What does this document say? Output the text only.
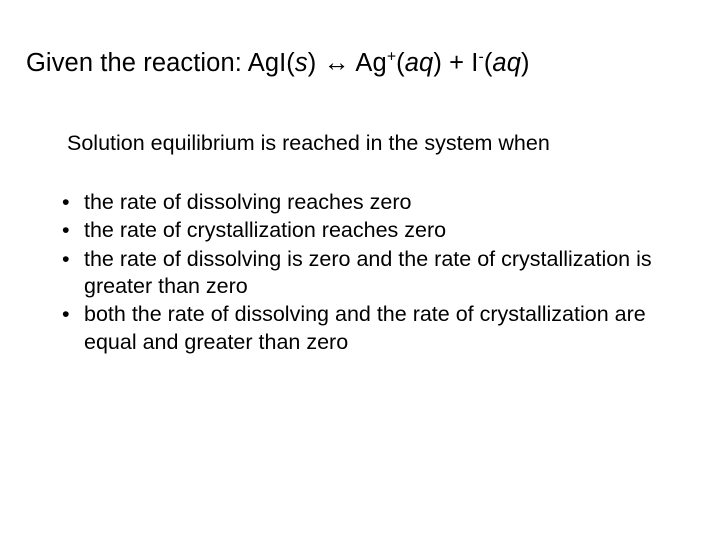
Given the reaction: AgI(s) ↔ Ag+(aq) + I-(aq)

Solution equilibrium is reached in the system when

• the rate of dissolving reaches zero
• the rate of crystallization reaches zero
• the rate of dissolving is zero and the rate of crystallization is greater than zero
• both the rate of dissolving and the rate of crystallization are equal and greater than zero
